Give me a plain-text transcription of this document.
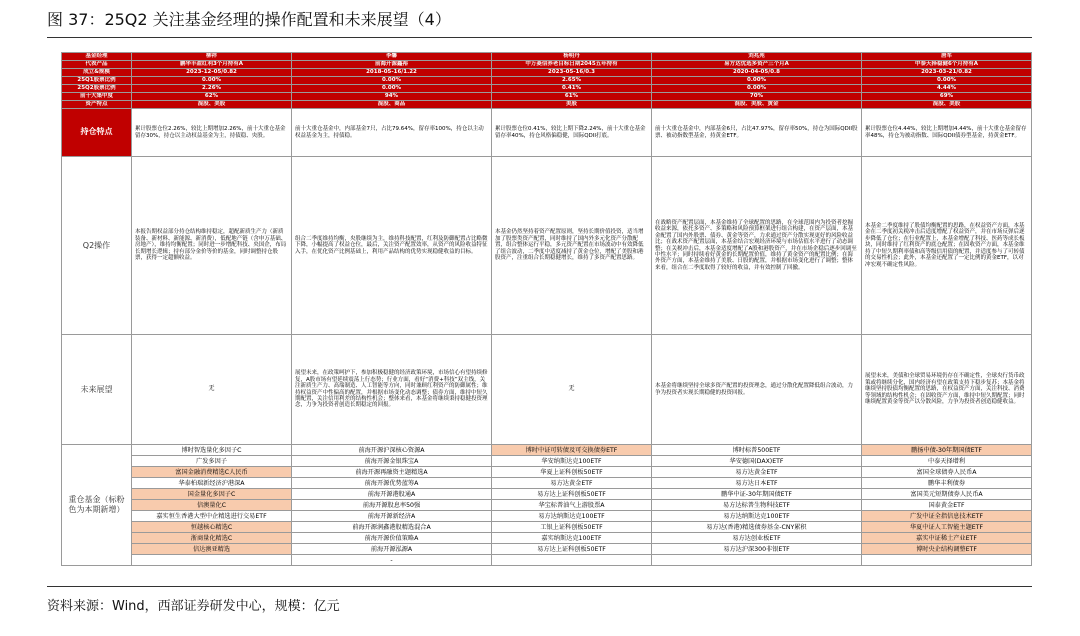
图 37：25Q2 关注基金经理的操作配置和未来展望（4）
基金经理	柳祥	李馨	杨明丹	刘兆苑	唐军
代表产品	鹏华丰盈红利3个月持有A	前海开源鑫裕	中万菱信养老目标日期2045五年持有	易方达优选多资产三个月A	中泰天择稳健6个月持有A
成立&规模	2023-12-05/0.82	2018-05-16/1.22	2023-05-16/0.3	2020-04-05/0.8	2023-03-21/0.82
25Q1股票比例	0.00%	0.00%	2.65%	0.00%	0.00%
25Q2股票比例	2.26%	0.00%	0.41%	0.00%	4.44%
前十大集中度	62%	94%	61%	70%	69%
资产特点	混股、美股	混股、商品	美股	混股、美股、黄金	混股、美股
持仓特点	累计股票仓位2.26%，较比上期增加2.26%，前十大重仓基金留存30%，持仓以主动权益基金为主，持债稳、央股。	前十大重仓基金中，内部基金7只，占比79.64%，留存率100%，持仓以主动权益基金为主，持债稳。	累计股票仓位0.41%，较比上期下降2.24%，前十大重仓基金留存率40%，持仓风格偏稳健，国际QDII打底。	前十大重仓基金中，内部基金6只，占比47.97%，留存率50%，持仓为国际QDII股票、被动指数型基金，持黄金ETF。	累计股票仓位4.44%，较比上期增加4.44%，前十大重仓基金留存率48%，持仓为被动指数、国际QDII债券型基金，持黄金ETF。
Q2操作	本报告期权益部分持仓结构维持稳定，超配新质生产力（新质装备、新材料、新能源、新消费），低配地产链（含申万基础、房地产），维持均衡配置；同时进一步增配科技、央国企，布局长期增长逻辑；持有部分金价等价的基金，同时调整持仓股票，获得一定超额收益。	组合二季度维持均衡，央股继续为主，维持科技配置，红利及防御配置占比略微下降，小幅提高了权益仓位，最后，关注资产配置效率，从资产的风险收益特征入手，在优化资产比例基础上，利用产品结构的优势实现稳健收益的目标。	本基金仍然坚持着资产配置原则，坚持长期价值投资，适当增加了股票类资产配置，同时维持了国内外多元化资产分散配置，组合整体运行平稳，多元资产配置在市场波动中有效降低了组合波动，二季度中适度减持了黄金仓位，增配了美股和港股资产，注重组合长期稳健增长，维持了多资产配置思路。	在战略资产配置层面，本基金维持了全球配置的思路，在全球范围内为投资者挖掘收益来源，依托多资产、多策略和风险预算框架进行组合构建，在资产层面，本基金配置了国内外股票、债券、黄金等资产，力求通过资产分散实现更好的风险收益比；在战术资产配置层面，本基金结合宏观经济环境与市场估值水平进行了动态调整；在关税冲击后，本基金适度增配了A股和港股资产，并在市场企稳后逐步回调至中性水平；同时持续看好黄金的长期配置价值，维持了黄金资产的配置比例；在海外资产方面，本基金维持了美股、日股的配置，并根据市场变化进行了调整；整体来看，组合在二季度取得了较好的收益，并有效控制了回撤。	本基金二季度维持了股债均衡配置的思路，在权益资产方面，本基金在二季度初关税冲击后适度增配了权益资产，并在市场反弹后逐步降低了仓位；在行业配置上，本基金增配了科技、医药等成长板块，同时维持了红利资产的底仓配置；在固收资产方面，本基金维持了中短久期利率债和高等级信用债的配置，并适度参与了可转债的交易性机会；此外，本基金还配置了一定比例的黄金ETF，以对冲宏观不确定性风险。
未来展望	无	展望未来，在政策呵护下，参加积极稳健的经济政策环境，市场信心有望持续修复，A股市场有望延续震荡上行态势；行业方面，看好“消费+科技”双主线，关注新质生产力、高端制造、人工智能等方向，同时兼顾红利资产的防御属性；维持权益资产中性偏高的配置，并根据市场变化动态调整；债券方面，维持中短久期配置，关注信用利差的结构性机会；整体来看，本基金将继续秉持稳健投资理念，力争为投资者创造长期稳定的回报。	无	本基金将继续坚持全球多资产配置的投资理念，通过分散化配置降低组合波动，力争为投资者实现长期稳健的投资回报。	展望未来，美债和全球贸易环境仍存在不确定性，全球央行货币政策或将继续分化，国内经济有望在政策支持下稳步复苏；本基金将继续坚持股债均衡配置的思路，在权益资产方面，关注科技、消费等领域的结构性机会；在固收资产方面，维持中短久期配置；同时继续配置黄金等资产以分散风险，力争为投资者创造稳健收益。
重仓基金（标粉色为本期新增）	博时智选量化多因子C	前海开源沪深核心资源A	博时中证可转债及可交换债券ETF	博时标普500ETF	鹏扬中债-30年期国债ETF
	广发多因子	前海开源金银珠宝A	华安纳斯达克100ETF	华安德国(DAX)ETF	中泰天择增利
	富国金融消费精选C人民币	前海开源再融资主题精选A	华夏上证科创板50ETF	易方达黄金ETF	富国全球债券人民币A
	华泰柏瑞新经济沪港深A	前海开源优势蓝筹A	易方达黄金ETF	易方达日本ETF	鹏华丰利债券
	国金量化多因子C	前海开源港股通A	易方达上证科创板50ETF	鹏华中证-30年期国债ETF	富国美元短期债券人民币A
	信澳量化C	前海开源股息率50强	华宝标普油气上游股票A	易方达标普生物科技ETF	国泰黄金ETF
	嘉实恒生香港大型中企精选进行交易ETF	前海开源新经济A	易方达纳斯达克100ETF	易方达纳斯达克100ETF	广发中证全指信息技术ETF
	恒越核心精选C	前海开源润鑫港股精选混合A	工银上证科创板50ETF	易方达(香港)精选债券基金-CNY累积	华夏中证人工智能主题ETF
	浙商量化精选C	前海开源价值策略A	嘉实纳斯达克100ETF	易方达创业板ETF	嘉实中证稀土产业ETF
	信达澳亚精选	前海开源泓源A	易方达上证科创板50ETF	易方达沪深300非银ETF	博时央企结构调整ETF
		-			
资料来源：Wind，西部证券研发中心，规模：亿元
